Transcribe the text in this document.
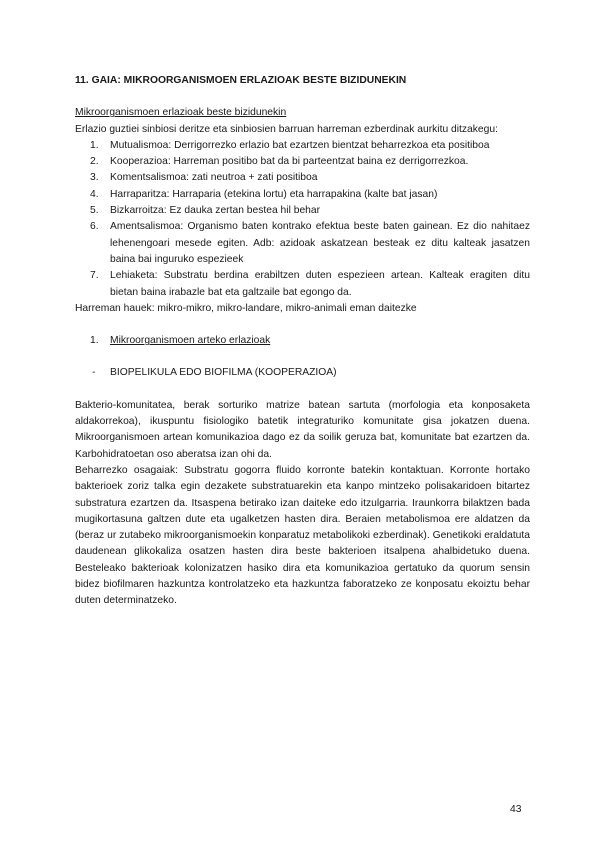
11. GAIA: MIKROORGANISMOEN ERLAZIOAK BESTE BIZIDUNEKIN

Mikroorganismoen erlazioak beste bizidunekin

Erlazio guztiei sinbiosi deritze eta sinbiosien barruan harreman ezberdinak aurkitu ditzakegu:

1. Mutualismoa: Derrigorrezko erlazio bat ezartzen bientzat beharrezkoa eta positiboa
2. Kooperazioa: Harreman positibo bat da bi parteentzat baina ez derrigorrezkoa.
3. Komentsalismoa: zati neutroa + zati positiboa
4. Harraparitza: Harraparia (etekina lortu) eta harrapakina (kalte bat jasan)
5. Bizkarroitza: Ez dauka zertan bestea hil behar
6. Amentsalismoa: Organismo baten kontrako efektua beste baten gainean. Ez dio nahitaez lehenengoari mesede egiten. Adb: azidoak askatzean besteak ez ditu kalteak jasatzen baina bai inguruko espezieek
7. Lehiaketa: Substratu berdina erabiltzen duten espezieen artean. Kalteak eragiten ditu bietan baina irabazle bat eta galtzaile bat egongo da.

Harreman hauek: mikro-mikro, mikro-landare, mikro-animali eman daitezke

1. Mikroorganismoen arteko erlazioak
- BIOPELIKULA EDO BIOFILMA (KOOPERAZIOA)

Bakterio-komunitatea, berak sorturiko matrize batean sartuta (morfologia eta konposaketa aldakorrekoa), ikuspuntu fisiologiko batetik integraturiko komunitate gisa jokatzen duena. Mikroorganismoen artean komunikazioa dago ez da soilik geruza bat, komunitate bat ezartzen da. Karbohidratoetan oso aberatsa izan ohi da.

Beharrezko osagaiak: Substratu gogorra fluido korronte batekin kontaktuan. Korronte hortako bakterioek zoriz talka egin dezakete substratuarekin eta kanpo mintzeko polisakaridoen bitartez substratura ezartzen da. Itsaspena betirako izan daiteke edo itzulgarria. Iraunkorra bilaktzen bada mugikortasuna galtzen dute eta ugalketzen hasten dira. Beraien metabolismoa ere aldatzen da (beraz ur zutabeko mikroorganismoekin konparatuz metabolikoki ezberdinak). Genetikoki eraldatuta daudenean glikokaliza osatzen hasten dira beste bakterioen itsalpena ahalbidetuko duena. Besteleako bakterioak kolonizatzen hasiko dira eta komunikazioa gertatuko da quorum sensin bidez biofilmaren hazkuntza kontrolatzeko eta hazkuntza faboratzeko ze konposatu ekoiztu behar duten determinatzeko.

43
